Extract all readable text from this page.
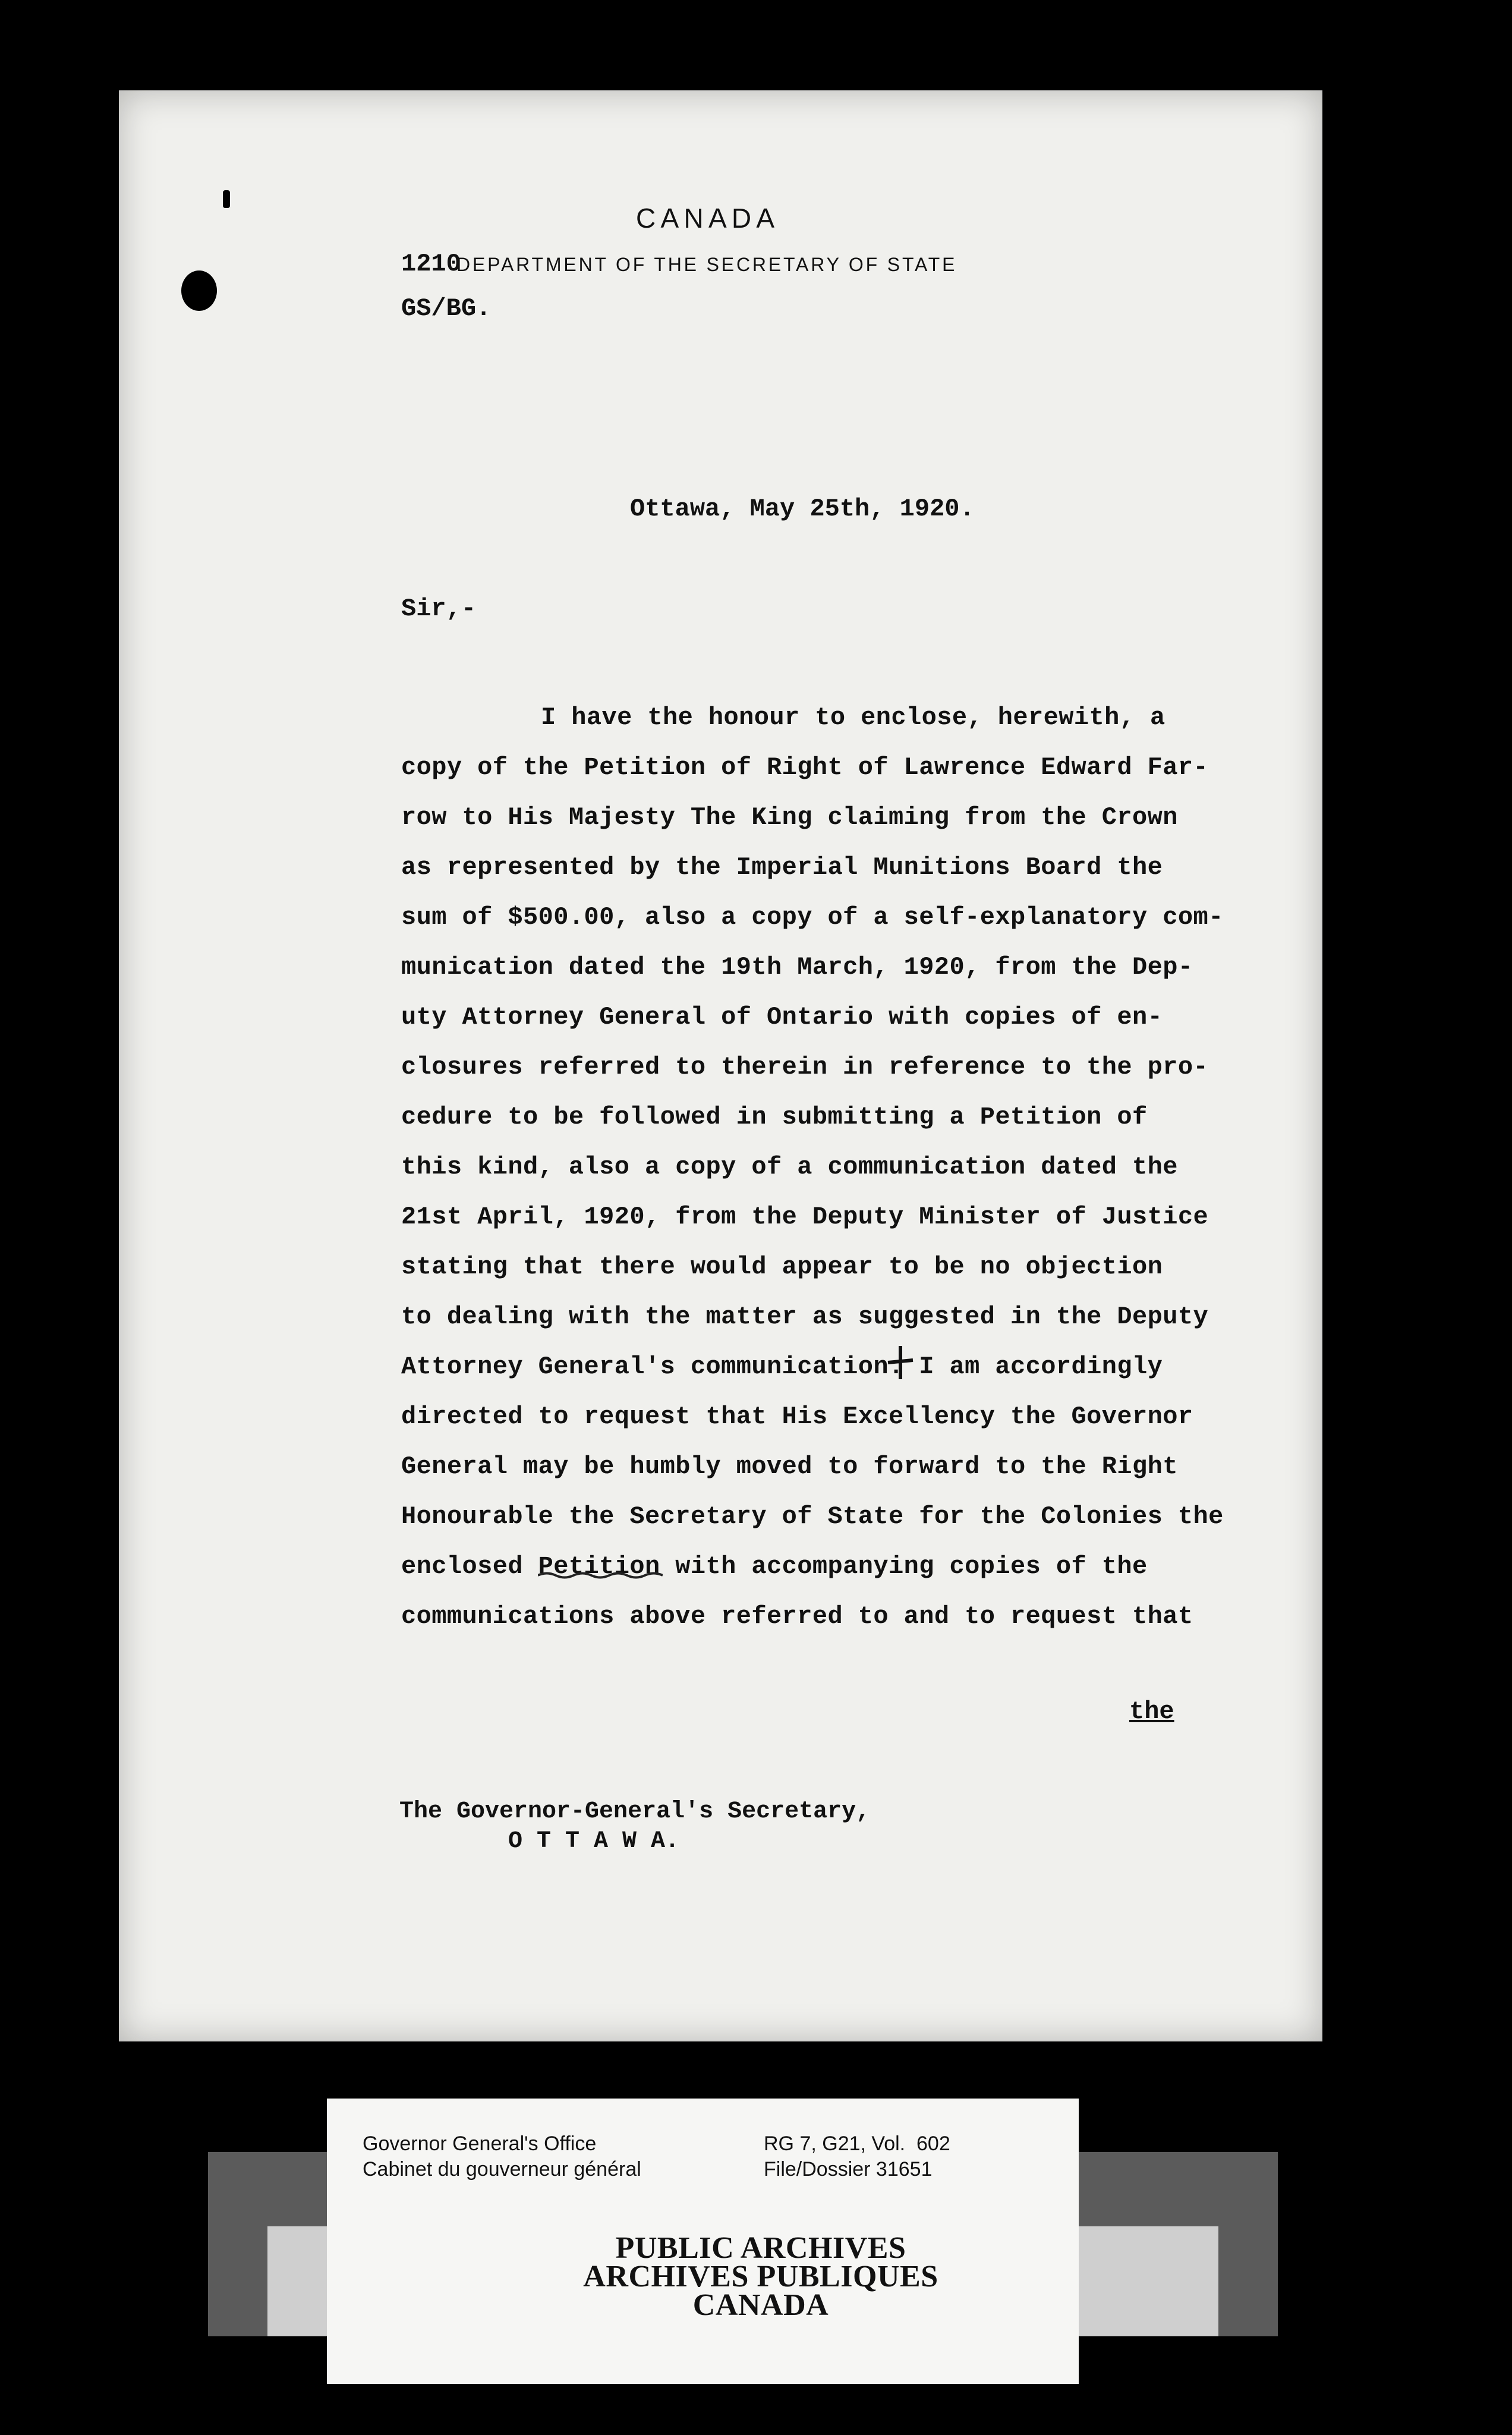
CANADA
1210
DEPARTMENT OF THE SECRETARY OF STATE
GS/BG.
Ottawa, May 25th, 1920.
Sir,-
I have the honour to enclose, herewith, a
copy of the Petition of Right of Lawrence Edward Far-
row to His Majesty The King claiming from the Crown
as represented by the Imperial Munitions Board the
sum of $500.00, also a copy of a self-explanatory com-
munication dated the 19th March, 1920, from the Dep-
uty Attorney General of Ontario with copies of en-
closures referred to therein in reference to the pro-
cedure to be followed in submitting a Petition of
this kind, also a copy of a communication dated the
21st April, 1920, from the Deputy Minister of Justice
stating that there would appear to be no objection
to dealing with the matter as suggested in the Deputy
Attorney General's communication. I am accordingly
directed to request that His Excellency the Governor
General may be humbly moved to forward to the Right
Honourable the Secretary of State for the Colonies the
enclosed Petition with accompanying copies of the
communications above referred to and to request that
the
The Governor-General's Secretary,
O T T A W A.
Governor General's Office
Cabinet du gouverneur général
RG 7, G21, Vol.  602
File/Dossier 31651
PUBLIC ARCHIVES
ARCHIVES PUBLIQUES
CANADA
